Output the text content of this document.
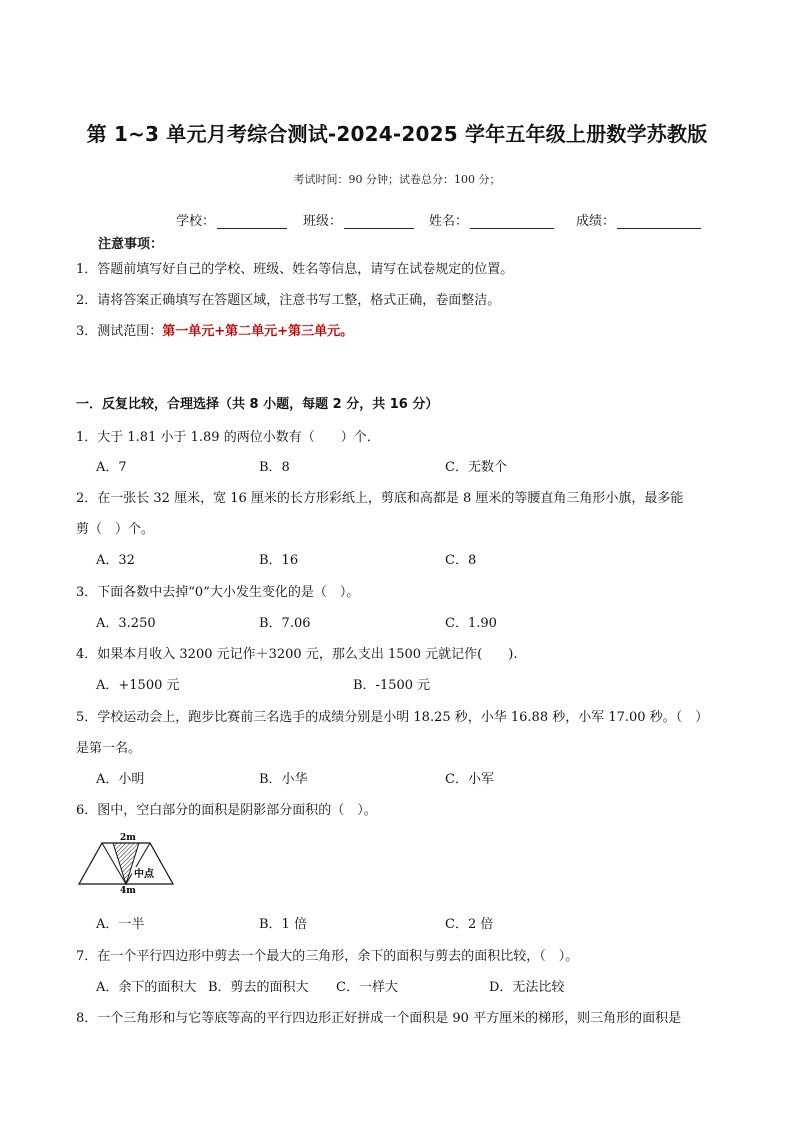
第 1~3 单元月考综合测试-2024-2025 学年五年级上册数学苏教版
考试时间：90 分钟；试卷总分：100 分；
学校：	班级：	姓名：	成绩：
注意事项：
1．答题前填写好自己的学校、班级、姓名等信息，请写在试卷规定的位置。
2．请将答案正确填写在答题区域，注意书写工整，格式正确，卷面整洁。
3．测试范围：第一单元+第二单元+第三单元。
一．反复比较，合理选择（共 8 小题，每题 2 分，共 16 分）
1．大于 1.81 小于 1.89 的两位小数有（　　）个．
A．7	B．8	C．无数个
2．在一张长 32 厘米，宽 16 厘米的长方形彩纸上，剪底和高都是 8 厘米的等腰直角三角形小旗，最多能
剪（　）个。
A．32	B．16	C．8
3．下面各数中去掉“0”大小发生变化的是（　）。
A．3.250	B．7.06	C．1.90
4．如果本月收入 3200 元记作＋3200 元，那么支出 1500 元就记作(　　).
A．+1500 元	B．-1500 元
5．学校运动会上，跑步比赛前三名选手的成绩分别是小明 18.25 秒，小华 16.88 秒，小军 17.00 秒。（　）
是第一名。
A．小明	B．小华	C．小军
6．图中，空白部分的面积是阴影部分面积的（　）。
2m
4m
中点
A．一半	B．1 倍	C．2 倍
7．在一个平行四边形中剪去一个最大的三角形，余下的面积与剪去的面积比较，（　）。
A．余下的面积大 B．剪去的面积大 C．一样大	D．无法比较
8．一个三角形和与它等底等高的平行四边形正好拼成一个面积是 90 平方厘米的梯形，则三角形的面积是
